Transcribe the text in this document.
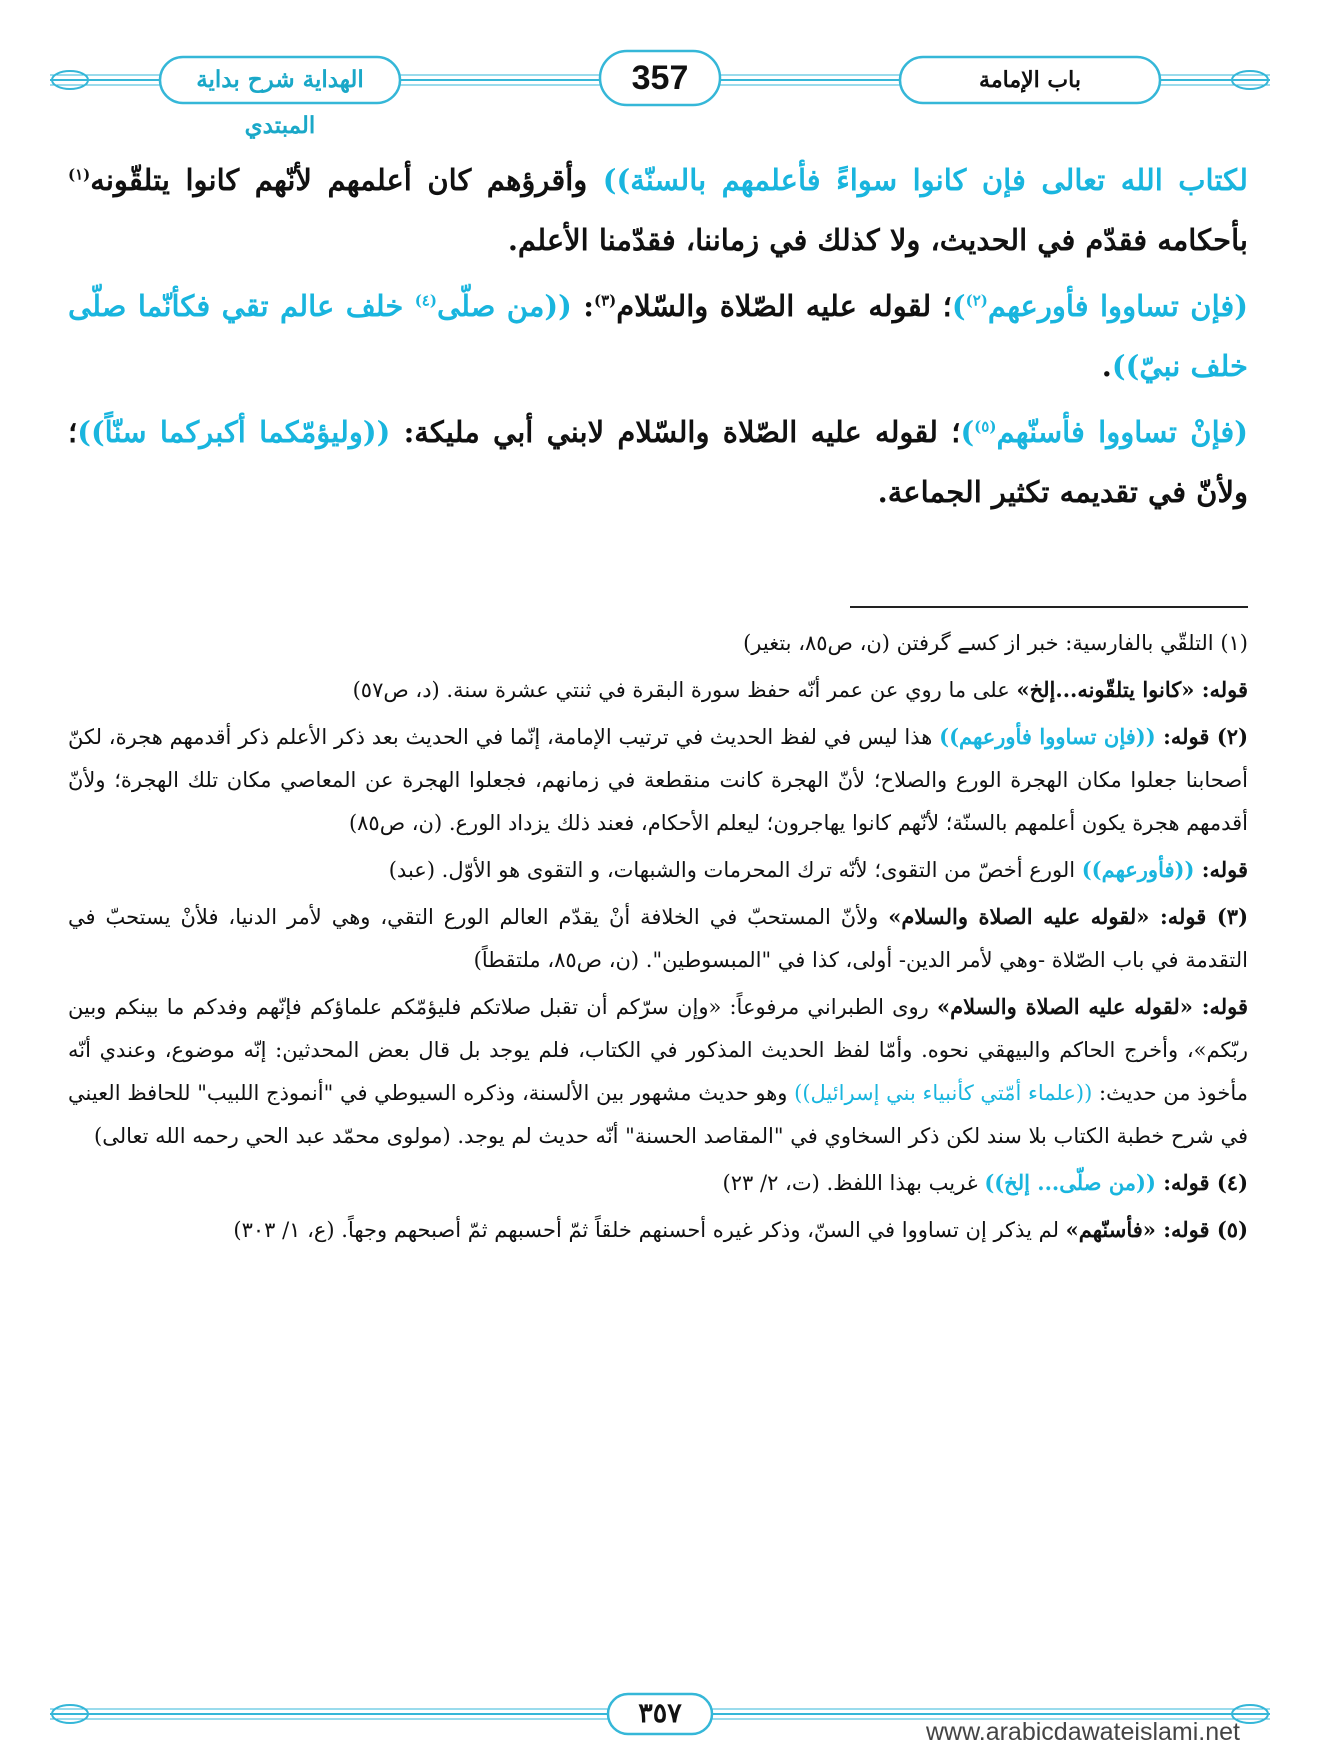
الهداية شرح بداية المبتدي
357	باب الإمامة

لكتاب الله تعالى فإن كانوا سواءً فأعلمهم بالسنّة)) وأقرؤهم كان أعلمهم لأنّهم كانوا يتلقّونه$^{(١)}$ بأحكامه فقدّم في الحديث، ولا كذلك في زماننا، فقدّمنا الأعلم.

(فإن تساووا فأورعهم$^{(٢)}$)؛ لقوله عليه الصّلاة والسّلام$^{(٣)}$: ((من صلّى$^{(٤)}$ خلف عالم تقي فكأنّما صلّى خلف نبيّ)).

(فإنْ تساووا فأسنّهم$^{(٥)}$)؛ لقوله عليه الصّلاة والسّلام لابني أبي مليكة: ((وليؤمّكما أكبركما سنّاً))؛ ولأنّ في تقديمه تكثير الجماعة.

(١) التلقّي بالفارسية: خبر از كسے گرفتن (ن، ص٨٥، بتغير)

قوله: «كانوا يتلقّونه...إلخ» على ما روي عن عمر أنّه حفظ سورة البقرة في ثنتي عشرة سنة. (د، ص٥٧)

(٢) قوله: ((فإن تساووا فأورعهم)) هذا ليس في لفظ الحديث في ترتيب الإمامة، إنّما في الحديث بعد ذكر الأعلم ذكر أقدمهم هجرة، لكنّ أصحابنا جعلوا مكان الهجرة الورع والصلاح؛ لأنّ الهجرة كانت منقطعة في زمانهم، فجعلوا الهجرة عن المعاصي مكان تلك الهجرة؛ ولأنّ أقدمهم هجرة يكون أعلمهم بالسنّة؛ لأنّهم كانوا يهاجرون؛ ليعلم الأحكام، فعند ذلك يزداد الورع. (ن، ص٨٥)

قوله: ((فأورعهم)) الورع أخصّ من التقوى؛ لأنّه ترك المحرمات والشبهات، و التقوى هو الأوّل. (عبد)

(٣) قوله: «لقوله عليه الصلاة والسلام» ولأنّ المستحبّ في الخلافة أنْ يقدّم العالم الورع التقي، وهي لأمر الدنيا، فلأنْ يستحبّ في التقدمة في باب الصّلاة -وهي لأمر الدين- أولى، كذا في "المبسوطين". (ن، ص٨٥، ملتقطاً)

قوله: «لقوله عليه الصلاة والسلام» روى الطبراني مرفوعاً: «وإن سرّكم أن تقبل صلاتكم فليؤمّكم علماؤكم فإنّهم وفدكم ما بينكم وبين ربّكم»، وأخرج الحاكم والبيهقي نحوه. وأمّا لفظ الحديث المذكور في الكتاب، فلم يوجد بل قال بعض المحدثين: إنّه موضوع، وعندي أنّه مأخوذ من حديث: ((علماء أمّتي كأنبياء بني إسرائيل)) وهو حديث مشهور بين الألسنة، وذكره السيوطي في "أنموذج اللبيب" للحافظ العيني في شرح خطبة الكتاب بلا سند لكن ذكر السخاوي في "المقاصد الحسنة" أنّه حديث لم يوجد. (مولوى محمّد عبد الحي رحمه الله تعالى)

(٤) قوله: ((من صلّى... إلخ)) غريب بهذا اللفظ. (ت، ٢/ ٢٣)

(٥) قوله: «فأسنّهم» لم يذكر إن تساووا في السنّ، وذكر غيره أحسنهم خلقاً ثمّ أحسبهم ثمّ أصبحهم وجهاً. (ع، ١/ ٣٠٣)

٣٥٧
www.arabicdawateislami.net
